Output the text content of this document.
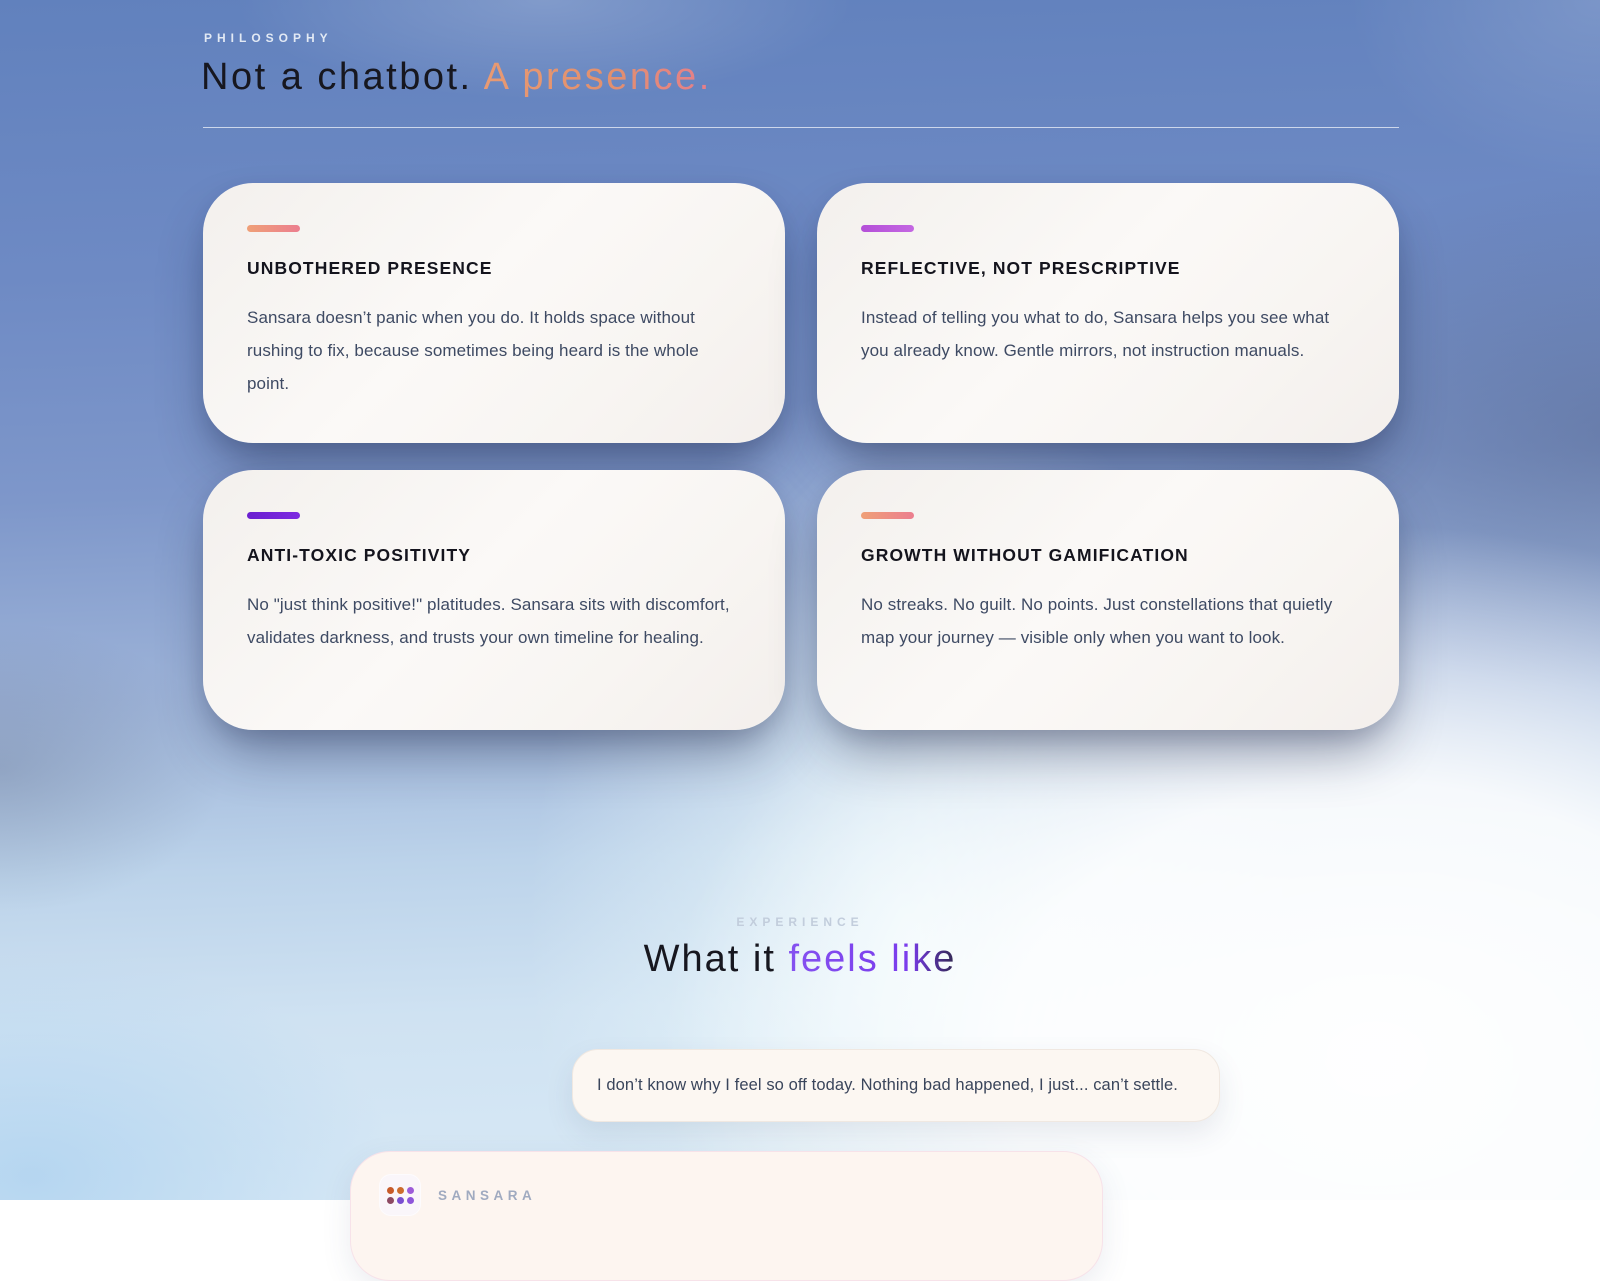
PHILOSOPHY
Not a chatbot. A presence.
UNBOTHERED PRESENCE

Sansara doesn’t panic when you do. It holds space without rushing to fix, because sometimes being heard is the whole point.

REFLECTIVE, NOT PRESCRIPTIVE

Instead of telling you what to do, Sansara helps you see what you already know. Gentle mirrors, not instruction manuals.

ANTI-TOXIC POSITIVITY

No "just think positive!" platitudes. Sansara sits with discomfort, validates darkness, and trusts your own timeline for healing.

GROWTH WITHOUT GAMIFICATION

No streaks. No guilt. No points. Just constellations that quietly map your journey — visible only when you want to look.

EXPERIENCE
What it feels like

I don’t know why I feel so off today. Nothing bad happened, I just... can’t settle.

SANSARA
